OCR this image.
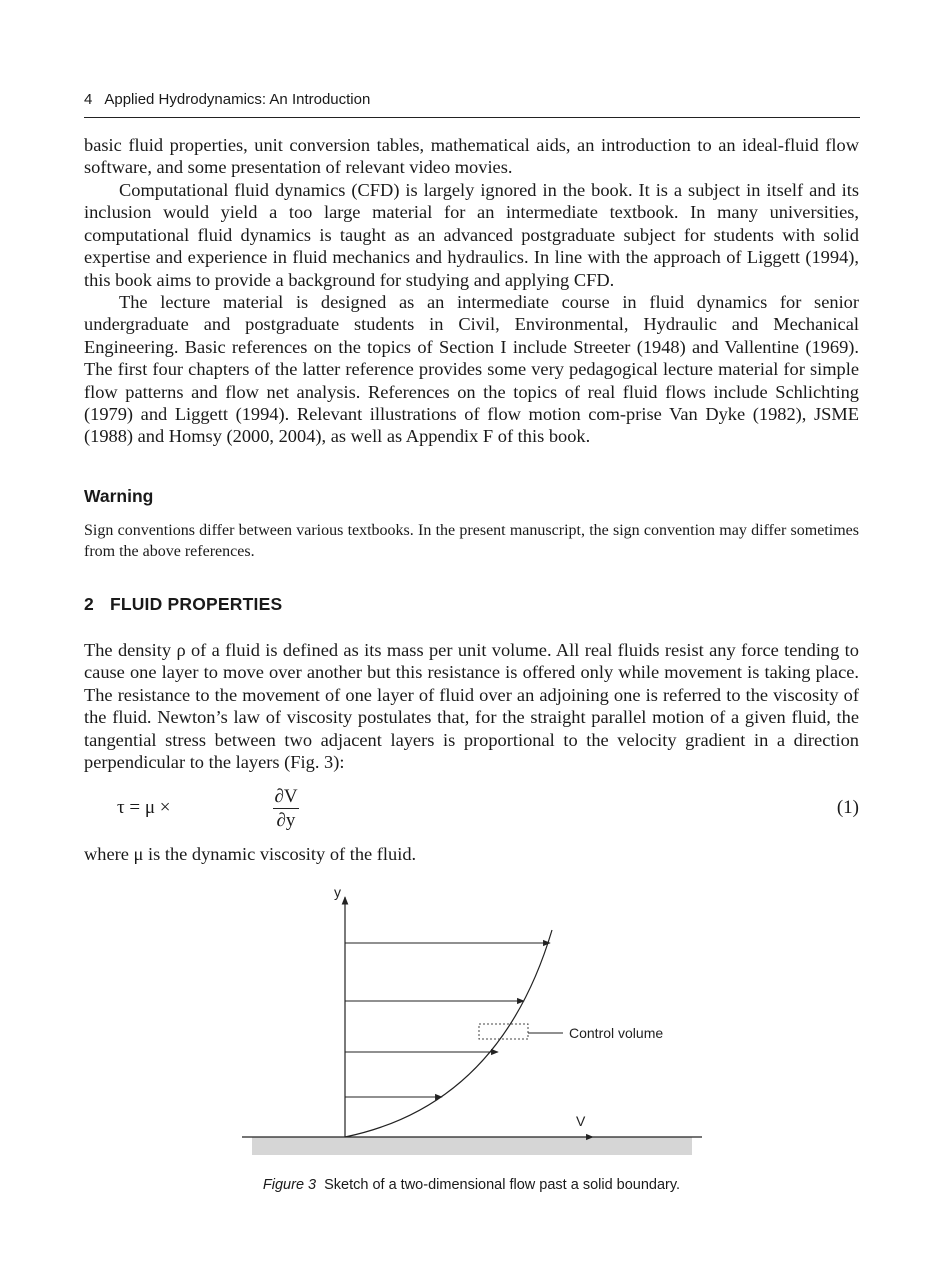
4 Applied Hydrodynamics: An Introduction
basic fluid properties, unit conversion tables, mathematical aids, an introduction to an ideal-fluid flow software, and some presentation of relevant video movies.
Computational fluid dynamics (CFD) is largely ignored in the book. It is a subject in itself and its inclusion would yield a too large material for an intermediate textbook. In many universities, computational fluid dynamics is taught as an advanced postgraduate subject for students with solid expertise and experience in fluid mechanics and hydraulics. In line with the approach of Liggett (1994), this book aims to provide a background for studying and applying CFD.
The lecture material is designed as an intermediate course in fluid dynamics for senior undergraduate and postgraduate students in Civil, Environmental, Hydraulic and Mechanical Engineering. Basic references on the topics of Section I include Streeter (1948) and Vallentine (1969). The first four chapters of the latter reference provides some very pedagogical lecture material for simple flow patterns and flow net analysis. References on the topics of real fluid flows include Schlichting (1979) and Liggett (1994). Relevant illustrations of flow motion com-prise Van Dyke (1982), JSME (1988) and Homsy (2000, 2004), as well as Appendix F of this book.
Warning
Sign conventions differ between various textbooks. In the present manuscript, the sign convention may differ sometimes from the above references.
2 FLUID PROPERTIES
The density ρ of a fluid is defined as its mass per unit volume. All real fluids resist any force tending to cause one layer to move over another but this resistance is offered only while movement is taking place. The resistance to the movement of one layer of fluid over an adjoining one is referred to the viscosity of the fluid. Newton’s law of viscosity postulates that, for the straight parallel motion of a given fluid, the tangential stress between two adjacent layers is proportional to the velocity gradient in a direction perpendicular to the layers (Fig. 3):
τ = μ ×
∂V
∂y
(1)
where μ is the dynamic viscosity of the fluid.
y
Control volume
V
Figure 3 Sketch of a two-dimensional flow past a solid boundary.
